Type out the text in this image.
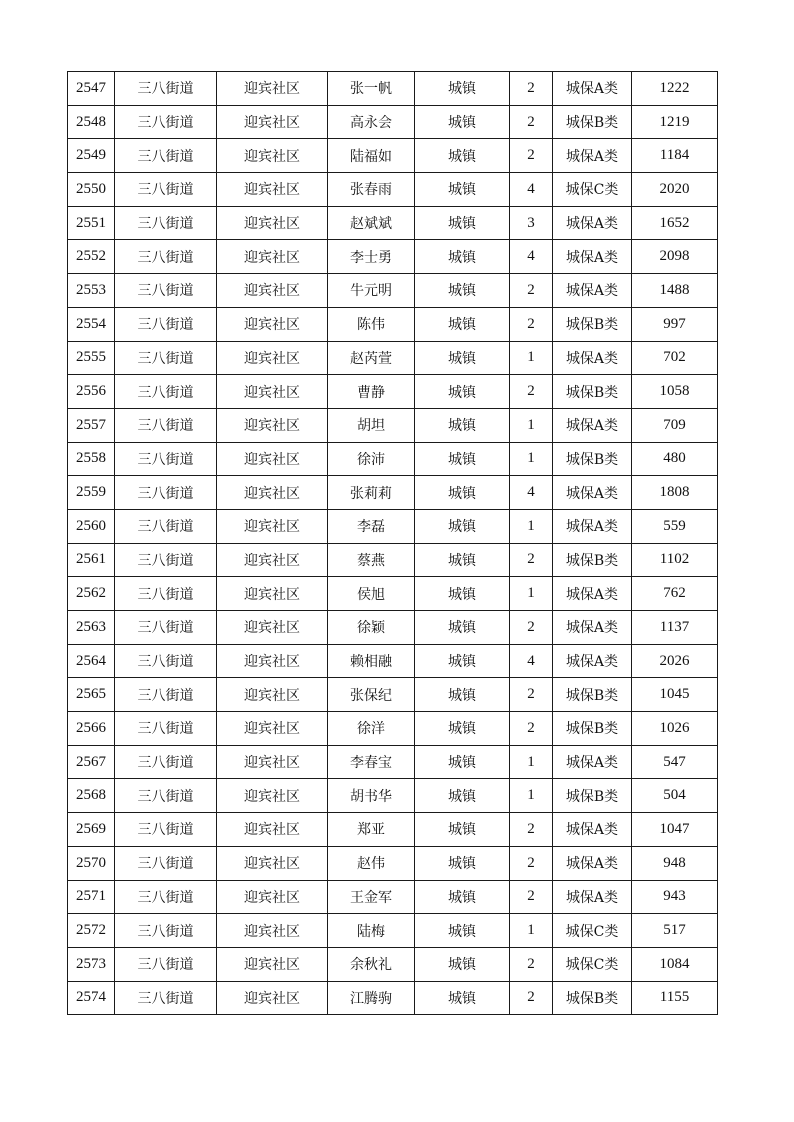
2547	三八街道	迎宾社区	张一帆	城镇	2	城保A类	1222
2548	三八街道	迎宾社区	高永会	城镇	2	城保B类	1219
2549	三八街道	迎宾社区	陆福如	城镇	2	城保A类	1184
2550	三八街道	迎宾社区	张春雨	城镇	4	城保C类	2020
2551	三八街道	迎宾社区	赵斌斌	城镇	3	城保A类	1652
2552	三八街道	迎宾社区	李士勇	城镇	4	城保A类	2098
2553	三八街道	迎宾社区	牛元明	城镇	2	城保A类	1488
2554	三八街道	迎宾社区	陈伟	城镇	2	城保B类	997
2555	三八街道	迎宾社区	赵芮萱	城镇	1	城保A类	702
2556	三八街道	迎宾社区	曹静	城镇	2	城保B类	1058
2557	三八街道	迎宾社区	胡坦	城镇	1	城保A类	709
2558	三八街道	迎宾社区	徐沛	城镇	1	城保B类	480
2559	三八街道	迎宾社区	张莉莉	城镇	4	城保A类	1808
2560	三八街道	迎宾社区	李磊	城镇	1	城保A类	559
2561	三八街道	迎宾社区	蔡燕	城镇	2	城保B类	1102
2562	三八街道	迎宾社区	侯旭	城镇	1	城保A类	762
2563	三八街道	迎宾社区	徐颖	城镇	2	城保A类	1137
2564	三八街道	迎宾社区	赖相融	城镇	4	城保A类	2026
2565	三八街道	迎宾社区	张保纪	城镇	2	城保B类	1045
2566	三八街道	迎宾社区	徐洋	城镇	2	城保B类	1026
2567	三八街道	迎宾社区	李春宝	城镇	1	城保A类	547
2568	三八街道	迎宾社区	胡书华	城镇	1	城保B类	504
2569	三八街道	迎宾社区	郑亚	城镇	2	城保A类	1047
2570	三八街道	迎宾社区	赵伟	城镇	2	城保A类	948
2571	三八街道	迎宾社区	王金军	城镇	2	城保A类	943
2572	三八街道	迎宾社区	陆梅	城镇	1	城保C类	517
2573	三八街道	迎宾社区	余秋礼	城镇	2	城保C类	1084
2574	三八街道	迎宾社区	江腾驹	城镇	2	城保B类	1155
